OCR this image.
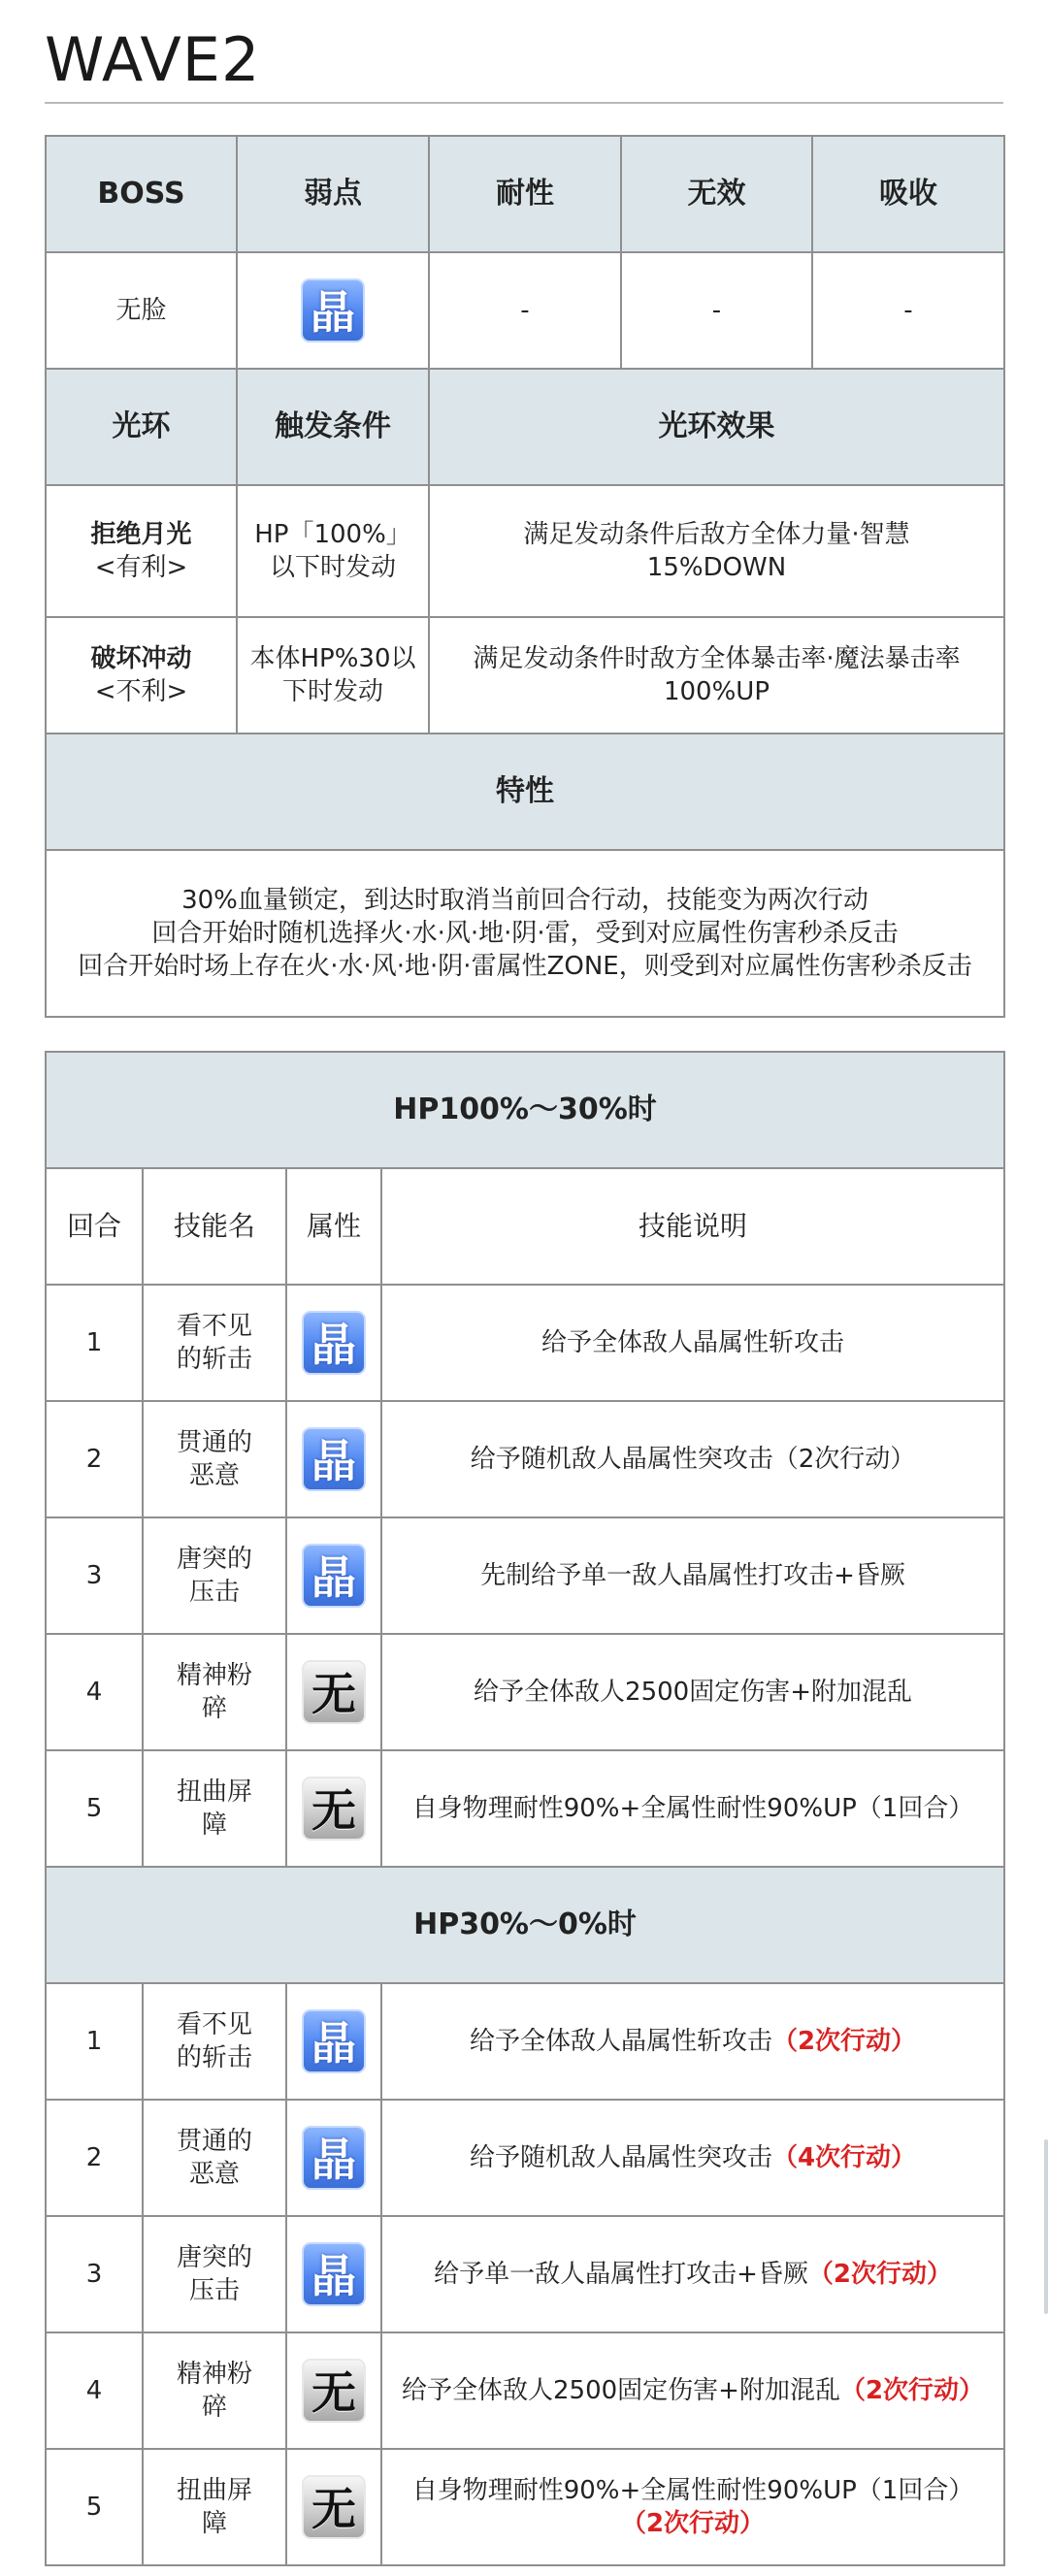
WAVE2
BOSS	弱点	耐性	无效	吸收
无脸	晶	-	-	-
光环	触发条件	光环效果		

拒绝月光
<有利>	HP「100%」以下时发动	满足发动条件后敌方全体力量·智慧15%DOWN		

破坏冲动
<不利>	本体HP%30以下时发动	满足发动条件时敌方全体暴击率·魔法暴击率100%UP		
特性				

30%血量锁定，到达时取消当前回合行动，技能变为两次行动
回合开始时随机选择火·水·风·地·阴·雷，受到对应属性伤害秒杀反击
回合开始时场上存在火·水·风·地·阴·雷属性ZONE，则受到对应属性伤害秒杀反击				
HP100%～30%时			
回合	技能名	属性	技能说明
1	看不见的斩击	晶	给予全体敌人晶属性斩攻击
2	贯通的恶意	晶	给予随机敌人晶属性突攻击（2次行动）
3	唐突的压击	晶	先制给予单一敌人晶属性打攻击+昏厥
4	精神粉碎	无	给予全体敌人2500固定伤害+附加混乱
5	扭曲屏障	无	自身物理耐性90%+全属性耐性90%UP（1回合）
HP30%～0%时			
1	看不见的斩击	晶	给予全体敌人晶属性斩攻击（2次行动）
2	贯通的恶意	晶	给予随机敌人晶属性突攻击（4次行动）
3	唐突的压击	晶	给予单一敌人晶属性打攻击+昏厥（2次行动）
4	精神粉碎	无	给予全体敌人2500固定伤害+附加混乱（2次行动）
5	扭曲屏障	无	自身物理耐性90%+全属性耐性90%UP（1回合）（2次行动）
